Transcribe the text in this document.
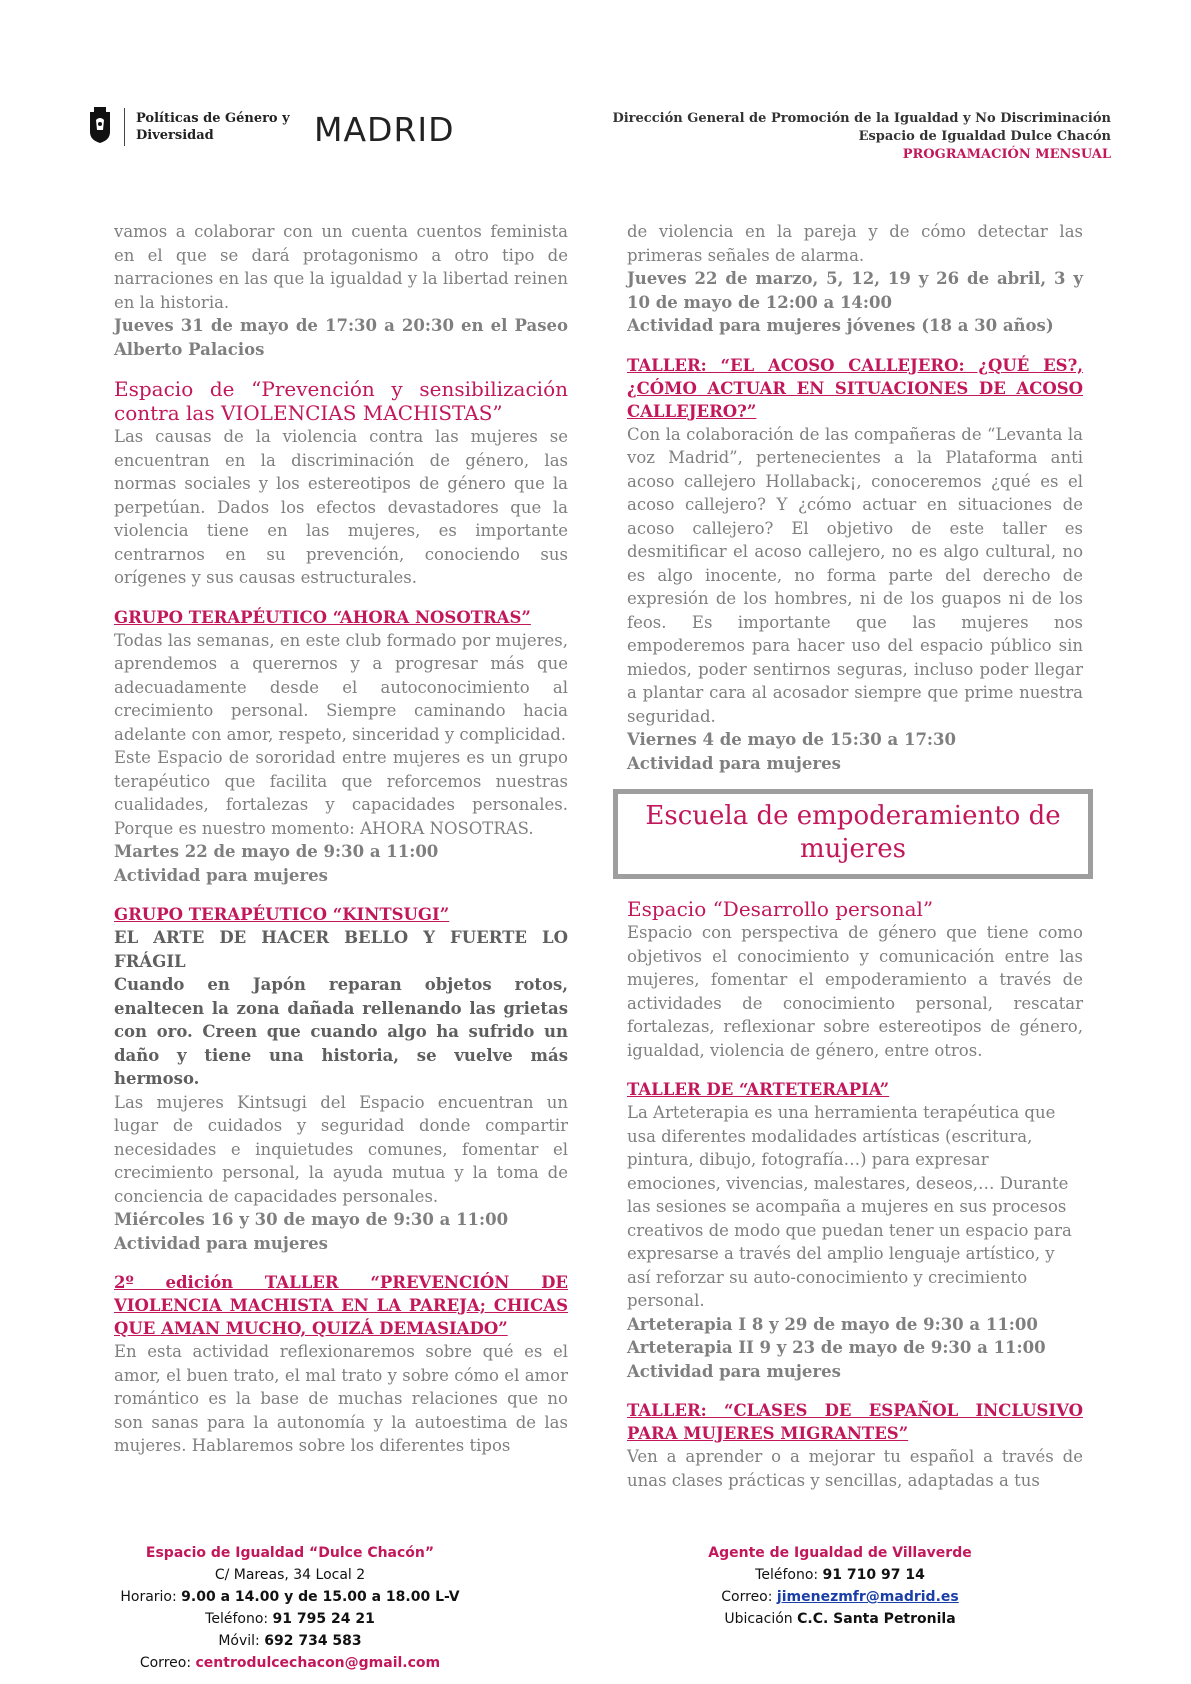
Políticas de Género y
Diversidad	MADRID	Dirección General de Promoción de la Igualdad y No Discriminación
Espacio de Igualdad Dulce Chacón
PROGRAMACIÓN MENSUAL

vamos a colaborar con un cuenta cuentos feminista en el que se dará protagonismo a otro tipo de narraciones en las que la igualdad y la libertad reinen en la historia.

Jueves 31 de mayo de 17:30 a 20:30 en el Paseo Alberto Palacios

Espacio de “Prevención y sensibilización contra las VIOLENCIAS MACHISTAS”

Las causas de la violencia contra las mujeres se encuentran en la discriminación de género, las normas sociales y los estereotipos de género que la perpetúan. Dados los efectos devastadores que la violencia tiene en las mujeres, es importante centrarnos en su prevención, conociendo sus orígenes y sus causas estructurales.

GRUPO TERAPÉUTICO “AHORA NOSOTRAS”

Todas las semanas, en este club formado por mujeres, aprendemos a querernos y a progresar más que adecuadamente desde el autoconocimiento al crecimiento personal. Siempre caminando hacia adelante con amor, respeto, sinceridad y complicidad.

Este Espacio de sororidad entre mujeres es un grupo terapéutico que facilita que reforcemos nuestras cualidades, fortalezas y capacidades personales. Porque es nuestro momento: AHORA NOSOTRAS.

Martes 22 de mayo de 9:30 a 11:00

Actividad para mujeres

GRUPO TERAPÉUTICO “KINTSUGI”

EL ARTE DE HACER BELLO Y FUERTE LO FRÁGIL

Cuando en Japón reparan objetos rotos, enaltecen la zona dañada rellenando las grietas con oro. Creen que cuando algo ha sufrido un daño y tiene una historia, se vuelve más hermoso.

Las mujeres Kintsugi del Espacio encuentran un lugar de cuidados y seguridad donde compartir necesidades e inquietudes comunes, fomentar el crecimiento personal, la ayuda mutua y la toma de conciencia de capacidades personales.

Miércoles 16 y 30 de mayo de 9:30 a 11:00

Actividad para mujeres

2º edición TALLER “PREVENCIÓN DE VIOLENCIA MACHISTA EN LA PAREJA; CHICAS QUE AMAN MUCHO, QUIZÁ DEMASIADO”

En esta actividad reflexionaremos sobre qué es el amor, el buen trato, el mal trato y sobre cómo el amor romántico es la base de muchas relaciones que no son sanas para la autonomía y la autoestima de las mujeres. Hablaremos sobre los diferentes tipos

de violencia en la pareja y de cómo detectar las primeras señales de alarma.

Jueves 22 de marzo, 5, 12, 19 y 26 de abril, 3 y 10 de mayo de 12:00 a 14:00

Actividad para mujeres jóvenes (18 a 30 años)

TALLER: “EL ACOSO CALLEJERO: ¿QUÉ ES?, ¿CÓMO ACTUAR EN SITUACIONES DE ACOSO CALLEJERO?”

Con la colaboración de las compañeras de “Levanta la voz Madrid”, pertenecientes a la Plataforma anti acoso callejero Hollaback¡, conoceremos ¿qué es el acoso callejero? Y ¿cómo actuar en situaciones de acoso callejero? El objetivo de este taller es desmitificar el acoso callejero, no es algo cultural, no es algo inocente, no forma parte del derecho de expresión de los hombres, ni de los guapos ni de los feos. Es importante que las mujeres nos empoderemos para hacer uso del espacio público sin miedos, poder sentirnos seguras, incluso poder llegar a plantar cara al acosador siempre que prime nuestra seguridad.

Viernes 4 de mayo de 15:30 a 17:30

Actividad para mujeres

Escuela de empoderamiento de mujeres

Espacio “Desarrollo personal”

Espacio con perspectiva de género que tiene como objetivos el conocimiento y comunicación entre las mujeres, fomentar el empoderamiento a través de actividades de conocimiento personal, rescatar fortalezas, reflexionar sobre estereotipos de género, igualdad, violencia de género, entre otros.

TALLER DE “ARTETERAPIA”

La Arteterapia es una herramienta terapéutica que usa diferentes modalidades artísticas (escritura, pintura, dibujo, fotografía…) para expresar emociones, vivencias, malestares, deseos,… Durante las sesiones se acompaña a mujeres en sus procesos creativos de modo que puedan tener un espacio para expresarse a través del amplio lenguaje artístico, y así reforzar su auto-conocimiento y crecimiento personal.

Arteterapia I 8 y 29 de mayo de 9:30 a 11:00

Arteterapia II 9 y 23 de mayo de 9:30 a 11:00

Actividad para mujeres

TALLER: “CLASES DE ESPAÑOL INCLUSIVO PARA MUJERES MIGRANTES”

Ven a aprender o a mejorar tu español a través de unas clases prácticas y sencillas, adaptadas a tus

Espacio de Igualdad “Dulce Chacón”
C/ Mareas, 34 Local 2
Horario: 9.00 a 14.00 y de 15.00 a 18.00 L-V
Teléfono: 91 795 24 21
Móvil: 692 734 583
Correo: centrodulcechacon@gmail.com
Agente de Igualdad de Villaverde
Teléfono: 91 710 97 14
Correo: jimenezmfr@madrid.es
Ubicación C.C. Santa Petronila
